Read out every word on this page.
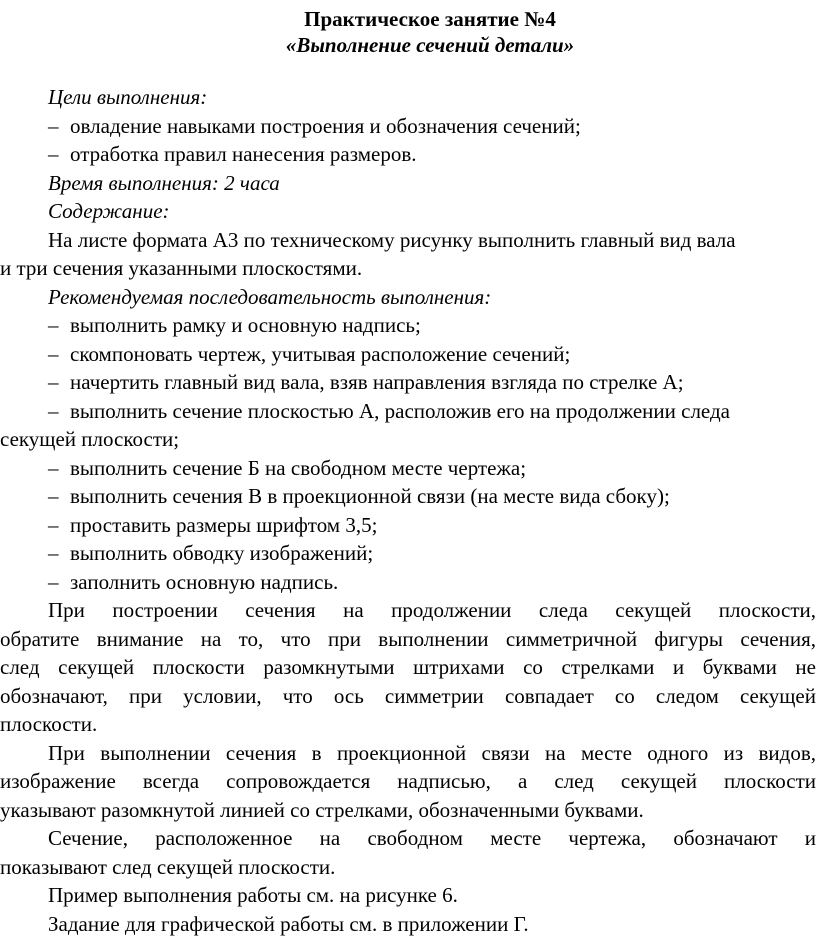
Практическое занятие №4
«Выполнение сечений детали»
Цели выполнения:
– овладение навыками построения и обозначения сечений;
– отработка правил нанесения размеров.
Время выполнения: 2 часа
Содержание:
На листе формата А3 по техническому рисунку выполнить главный вид вала
и три сечения указанными плоскостями.
Рекомендуемая последовательность выполнения:
– выполнить рамку и основную надпись;
– скомпоновать чертеж, учитывая расположение сечений;
– начертить главный вид вала, взяв направления взгляда по стрелке А;
– выполнить сечение плоскостью А, расположив его на продолжении следа
секущей плоскости;
– выполнить сечение Б на свободном месте чертежа;
– выполнить сечения В в проекционной связи (на месте вида сбоку);
– проставить размеры шрифтом 3,5;
– выполнить обводку изображений;
– заполнить основную надпись.
При построении сечения на продолжении следа секущей плоскости,
обратите внимание на то, что при выполнении симметричной фигуры сечения,
след секущей плоскости разомкнутыми штрихами со стрелками и буквами не
обозначают, при условии, что ось симметрии совпадает со следом секущей
плоскости.
При выполнении сечения в проекционной связи на месте одного из видов,
изображение всегда сопровождается надписью, а след секущей плоскости
указывают разомкнутой линией со стрелками, обозначенными буквами.
Сечение, расположенное на свободном месте чертежа, обозначают и
показывают след секущей плоскости.
Пример выполнения работы см. на рисунке 6.
Задание для графической работы см. в приложении Г.
